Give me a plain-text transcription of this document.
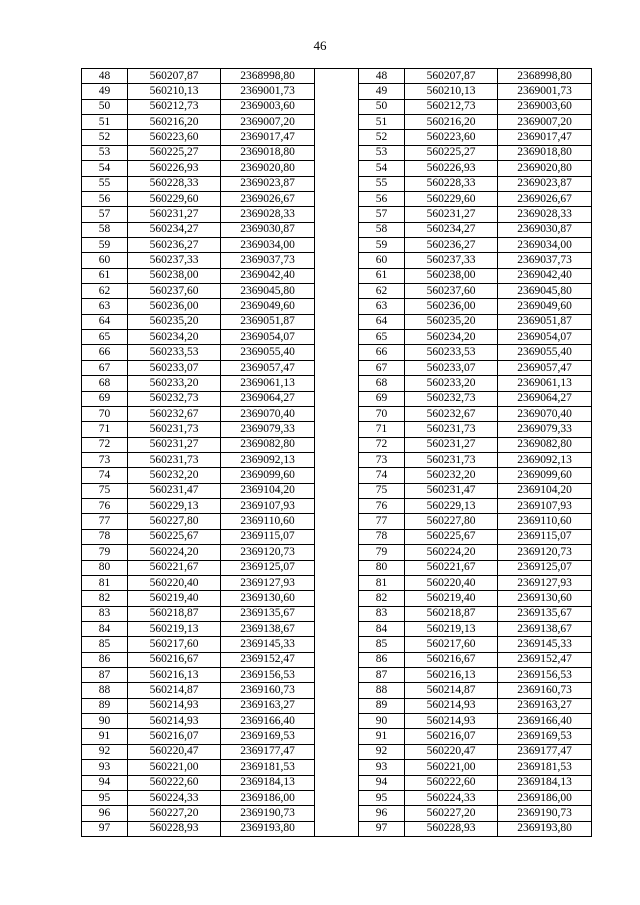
46
48	560207,87	2368998,80		48	560207,87	2368998,80
49	560210,13	2369001,73		49	560210,13	2369001,73
50	560212,73	2369003,60		50	560212,73	2369003,60
51	560216,20	2369007,20		51	560216,20	2369007,20
52	560223,60	2369017,47		52	560223,60	2369017,47
53	560225,27	2369018,80		53	560225,27	2369018,80
54	560226,93	2369020,80		54	560226,93	2369020,80
55	560228,33	2369023,87		55	560228,33	2369023,87
56	560229,60	2369026,67		56	560229,60	2369026,67
57	560231,27	2369028,33		57	560231,27	2369028,33
58	560234,27	2369030,87		58	560234,27	2369030,87
59	560236,27	2369034,00		59	560236,27	2369034,00
60	560237,33	2369037,73		60	560237,33	2369037,73
61	560238,00	2369042,40		61	560238,00	2369042,40
62	560237,60	2369045,80		62	560237,60	2369045,80
63	560236,00	2369049,60		63	560236,00	2369049,60
64	560235,20	2369051,87		64	560235,20	2369051,87
65	560234,20	2369054,07		65	560234,20	2369054,07
66	560233,53	2369055,40		66	560233,53	2369055,40
67	560233,07	2369057,47		67	560233,07	2369057,47
68	560233,20	2369061,13		68	560233,20	2369061,13
69	560232,73	2369064,27		69	560232,73	2369064,27
70	560232,67	2369070,40		70	560232,67	2369070,40
71	560231,73	2369079,33		71	560231,73	2369079,33
72	560231,27	2369082,80		72	560231,27	2369082,80
73	560231,73	2369092,13		73	560231,73	2369092,13
74	560232,20	2369099,60		74	560232,20	2369099,60
75	560231,47	2369104,20		75	560231,47	2369104,20
76	560229,13	2369107,93		76	560229,13	2369107,93
77	560227,80	2369110,60		77	560227,80	2369110,60
78	560225,67	2369115,07		78	560225,67	2369115,07
79	560224,20	2369120,73		79	560224,20	2369120,73
80	560221,67	2369125,07		80	560221,67	2369125,07
81	560220,40	2369127,93		81	560220,40	2369127,93
82	560219,40	2369130,60		82	560219,40	2369130,60
83	560218,87	2369135,67		83	560218,87	2369135,67
84	560219,13	2369138,67		84	560219,13	2369138,67
85	560217,60	2369145,33		85	560217,60	2369145,33
86	560216,67	2369152,47		86	560216,67	2369152,47
87	560216,13	2369156,53		87	560216,13	2369156,53
88	560214,87	2369160,73		88	560214,87	2369160,73
89	560214,93	2369163,27		89	560214,93	2369163,27
90	560214,93	2369166,40		90	560214,93	2369166,40
91	560216,07	2369169,53		91	560216,07	2369169,53
92	560220,47	2369177,47		92	560220,47	2369177,47
93	560221,00	2369181,53		93	560221,00	2369181,53
94	560222,60	2369184,13		94	560222,60	2369184,13
95	560224,33	2369186,00		95	560224,33	2369186,00
96	560227,20	2369190,73		96	560227,20	2369190,73
97	560228,93	2369193,80		97	560228,93	2369193,80
